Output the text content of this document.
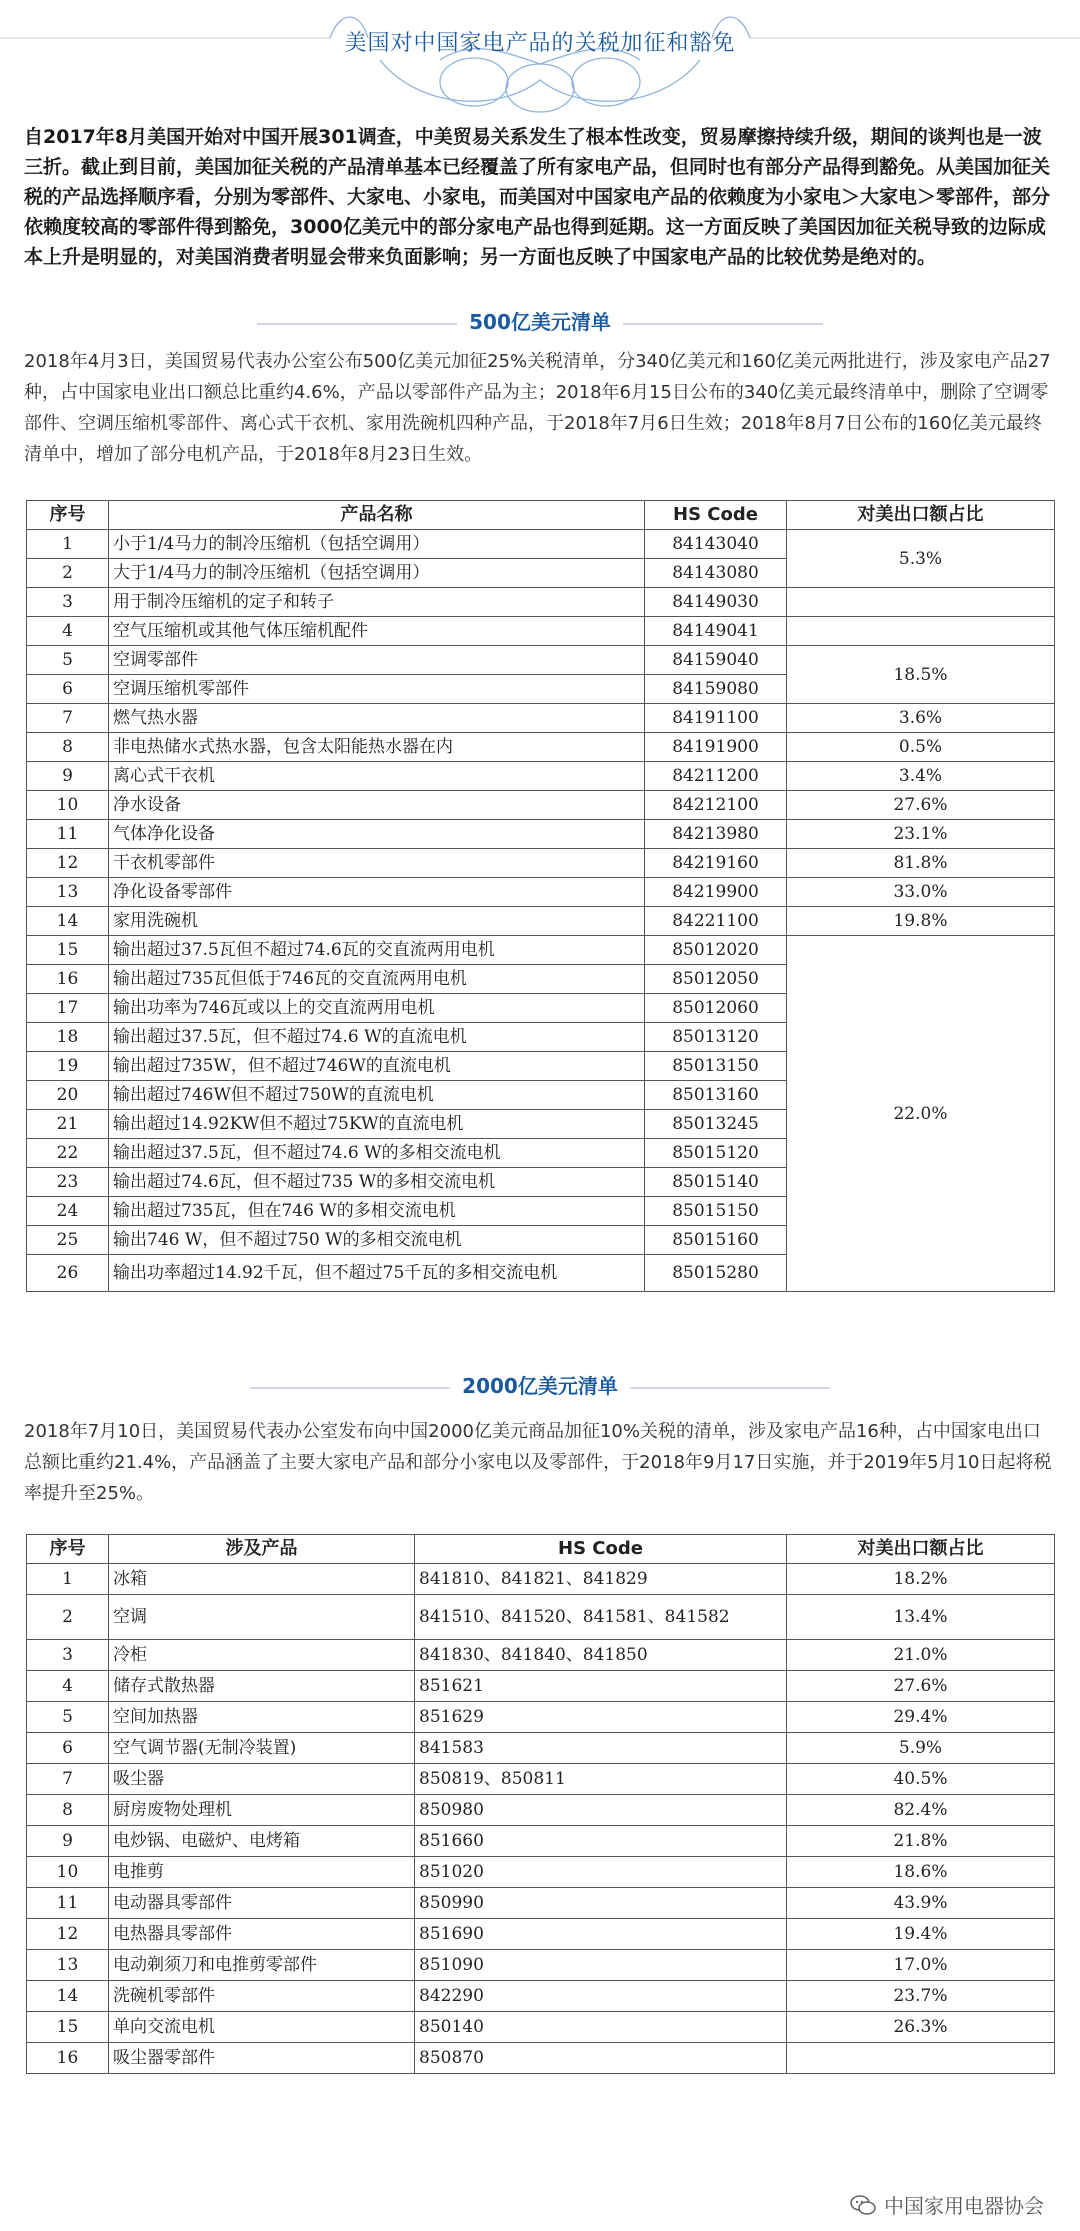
美国对中国家电产品的关税加征和豁免
自2017年8月美国开始对中国开展301调查，中美贸易关系发生了根本性改变，贸易摩擦持续升级，期间的谈判也是一波三折。截止到目前，美国加征关税的产品清单基本已经覆盖了所有家电产品，但同时也有部分产品得到豁免。从美国加征关税的产品选择顺序看，分别为零部件、大家电、小家电，而美国对中国家电产品的依赖度为小家电＞大家电＞零部件，部分依赖度较高的零部件得到豁免，3000亿美元中的部分家电产品也得到延期。这一方面反映了美国因加征关税导致的边际成本上升是明显的，对美国消费者明显会带来负面影响；另一方面也反映了中国家电产品的比较优势是绝对的。
500亿美元清单
2018年4月3日，美国贸易代表办公室公布500亿美元加征25%关税清单，分340亿美元和160亿美元两批进行，涉及家电产品27种，占中国家电业出口额总比重约4.6%，产品以零部件产品为主；2018年6月15日公布的340亿美元最终清单中，删除了空调零部件、空调压缩机零部件、离心式干衣机、家用洗碗机四种产品，于2018年7月6日生效；2018年8月7日公布的160亿美元最终清单中，增加了部分电机产品，于2018年8月23日生效。
序号	产品名称	HS Code	对美出口额占比
1	小于1/4马力的制冷压缩机（包括空调用）	84143040	5.3%
2	大于1/4马力的制冷压缩机（包括空调用）	84143080	
3	用于制冷压缩机的定子和转子	84149030	
4	空气压缩机或其他气体压缩机配件	84149041	
5	空调零部件	84159040	18.5%
6	空调压缩机零部件	84159080	
7	燃气热水器	84191100	3.6%
8	非电热储水式热水器，包含太阳能热水器在内	84191900	0.5%
9	离心式干衣机	84211200	3.4%
10	净水设备	84212100	27.6%
11	气体净化设备	84213980	23.1%
12	干衣机零部件	84219160	81.8%
13	净化设备零部件	84219900	33.0%
14	家用洗碗机	84221100	19.8%
15	输出超过37.5瓦但不超过74.6瓦的交直流两用电机	85012020	22.0%
16	输出超过735瓦但低于746瓦的交直流两用电机	85012050	
17	输出功率为746瓦或以上的交直流两用电机	85012060	
18	输出超过37.5瓦，但不超过74.6 W的直流电机	85013120	
19	输出超过735W，但不超过746W的直流电机	85013150	
20	输出超过746W但不超过750W的直流电机	85013160	
21	输出超过14.92KW但不超过75KW的直流电机	85013245	
22	输出超过37.5瓦，但不超过74.6 W的多相交流电机	85015120	
23	输出超过74.6瓦，但不超过735 W的多相交流电机	85015140	
24	输出超过735瓦，但在746 W的多相交流电机	85015150	
25	输出746 W，但不超过750 W的多相交流电机	85015160	
26	输出功率超过14.92千瓦，但不超过75千瓦的多相交流电机	85015280	
2000亿美元清单
2018年7月10日，美国贸易代表办公室发布向中国2000亿美元商品加征10%关税的清单，涉及家电产品16种，占中国家电出口总额比重约21.4%，产品涵盖了主要大家电产品和部分小家电以及零部件，于2018年9月17日实施，并于2019年5月10日起将税率提升至25%。
序号	涉及产品	HS Code	对美出口额占比
1	冰箱	841810、841821、841829	18.2%
2	空调	841510、841520、841581、841582	13.4%
3	冷柜	841830、841840、841850	21.0%
4	储存式散热器	851621	27.6%
5	空间加热器	851629	29.4%
6	空气调节器(无制冷装置)	841583	5.9%
7	吸尘器	850819、850811	40.5%
8	厨房废物处理机	850980	82.4%
9	电炒锅、电磁炉、电烤箱	851660	21.8%
10	电推剪	851020	18.6%
11	电动器具零部件	850990	43.9%
12	电热器具零部件	851690	19.4%
13	电动剃须刀和电推剪零部件	851090	17.0%
14	洗碗机零部件	842290	23.7%
15	单向交流电机	850140	26.3%
16	吸尘器零部件	850870	
中国家用电器协会
